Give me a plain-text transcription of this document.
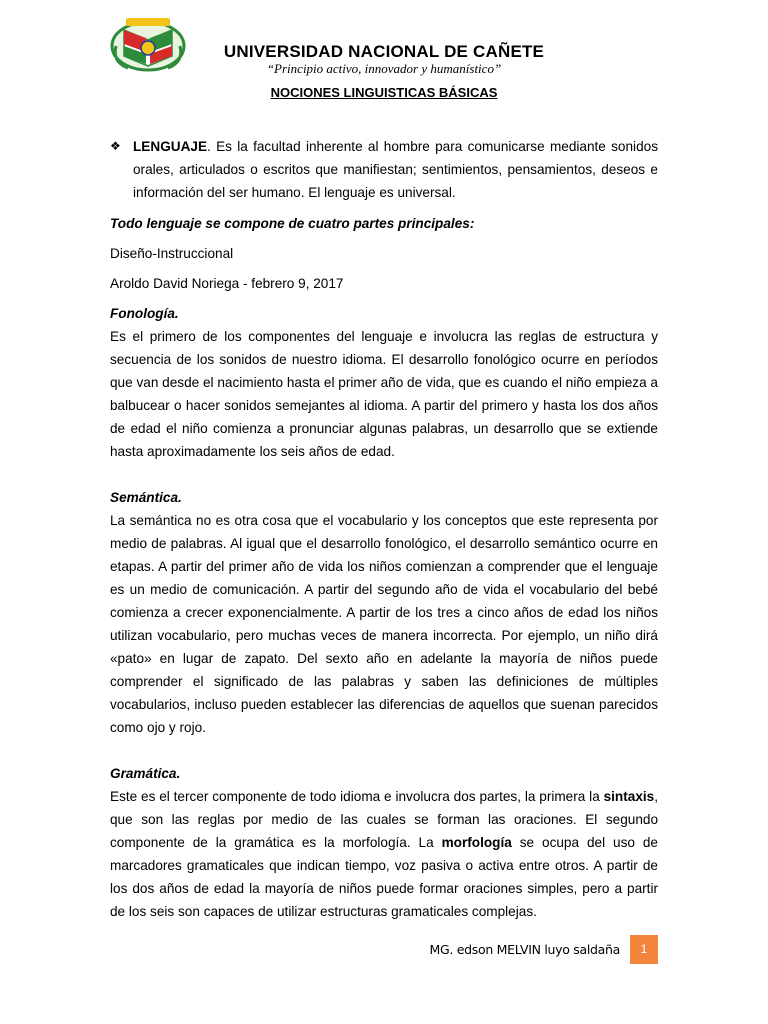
UNIVERSIDAD NACIONAL DE CAÑETE
“Principio activo, innovador y humanístico”
NOCIONES LINGUISTICAS BÁSICAS

❖ LENGUAJE. Es la facultad inherente al hombre para comunicarse mediante sonidos orales, articulados o escritos que manifiestan; sentimientos, pensamientos, deseos e información del ser humano. El lenguaje es universal.

Todo lenguaje se compone de cuatro partes principales:

Diseño-Instruccional

Aroldo David Noriega - febrero 9, 2017

Fonología.

Es el primero de los componentes del lenguaje e involucra las reglas de estructura y secuencia de los sonidos de nuestro idioma. El desarrollo fonológico ocurre en períodos que van desde el nacimiento hasta el primer año de vida, que es cuando el niño empieza a balbucear o hacer sonidos semejantes al idioma. A partir del primero y hasta los dos años de edad el niño comienza a pronunciar algunas palabras, un desarrollo que se extiende hasta aproximadamente los seis años de edad.

Semántica.

La semántica no es otra cosa que el vocabulario y los conceptos que este representa por medio de palabras. Al igual que el desarrollo fonológico, el desarrollo semántico ocurre en etapas. A partir del primer año de vida los niños comienzan a comprender que el lenguaje es un medio de comunicación. A partir del segundo año de vida el vocabulario del bebé comienza a crecer exponencialmente. A partir de los tres a cinco años de edad los niños utilizan vocabulario, pero muchas veces de manera incorrecta. Por ejemplo, un niño dirá «pato» en lugar de zapato. Del sexto año en adelante la mayoría de niños puede comprender el significado de las palabras y saben las definiciones de múltiples vocabularios, incluso pueden establecer las diferencias de aquellos que suenan parecidos como ojo y rojo.

Gramática.

Este es el tercer componente de todo idioma e involucra dos partes, la primera la sintaxis, que son las reglas por medio de las cuales se forman las oraciones. El segundo componente de la gramática es la morfología. La morfología se ocupa del uso de marcadores gramaticales que indican tiempo, voz pasiva o activa entre otros. A partir de los dos años de edad la mayoría de niños puede formar oraciones simples, pero a partir de los seis son capaces de utilizar estructuras gramaticales complejas.

MG. edson MELVIN luyo saldaña	1
